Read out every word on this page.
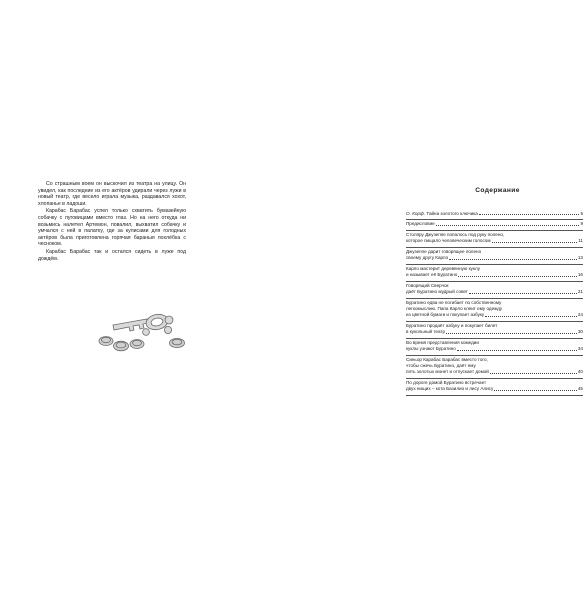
Со страшным воем он выскочил из театра на улицу. Он увидел, как последние из его актёров удирали через лужи в новый театр, где весело играла музыка, раздавался хохот, хлопанье в ладоши.

Карабас Барабас успел только схватить бумазейную собачку с пуговицами вместо глаз. Но на него откуда ни возьмись налетел Артемон, повалил, выхватил собачку и умчался с ней в палатку, где за кулисами для голодных актёров была приготовлена горячая бараныя похлёбка с чесноком.

Карабас Барабас так и остался сидеть в луже под дождём.

Содержание
О. Корф. Тайна золотого ключика	5
Предисловие	9
Столяру Джузеппе попалось под руку полено,
которое пищало человеческим голосом	11
Джузеппе дарит говорящее полено
своему другу Карло	13
Карло мастерит деревянную куклу
и называет её Буратино	16
Говорящий Сверчок
даёт Буратино мудрый совет	21
Буратино едва не погибает по собственному
легкомыслию. Папа Карло клеит ему одежду
из цветной бумаги и покупает азбуку	24
Буратино продаёт азбуку и покупает билет
в кукольный театр	30
Во время представления комедии
куклы узнают Буратино	34
Синьор Карабас Барабас вместо того,
чтобы сжечь Буратино, даёт ему
пять золотых монет и отпускает домой	40
По дороге домой Буратино встречает
двух нищих – кота Базилио и лису Алису	45
